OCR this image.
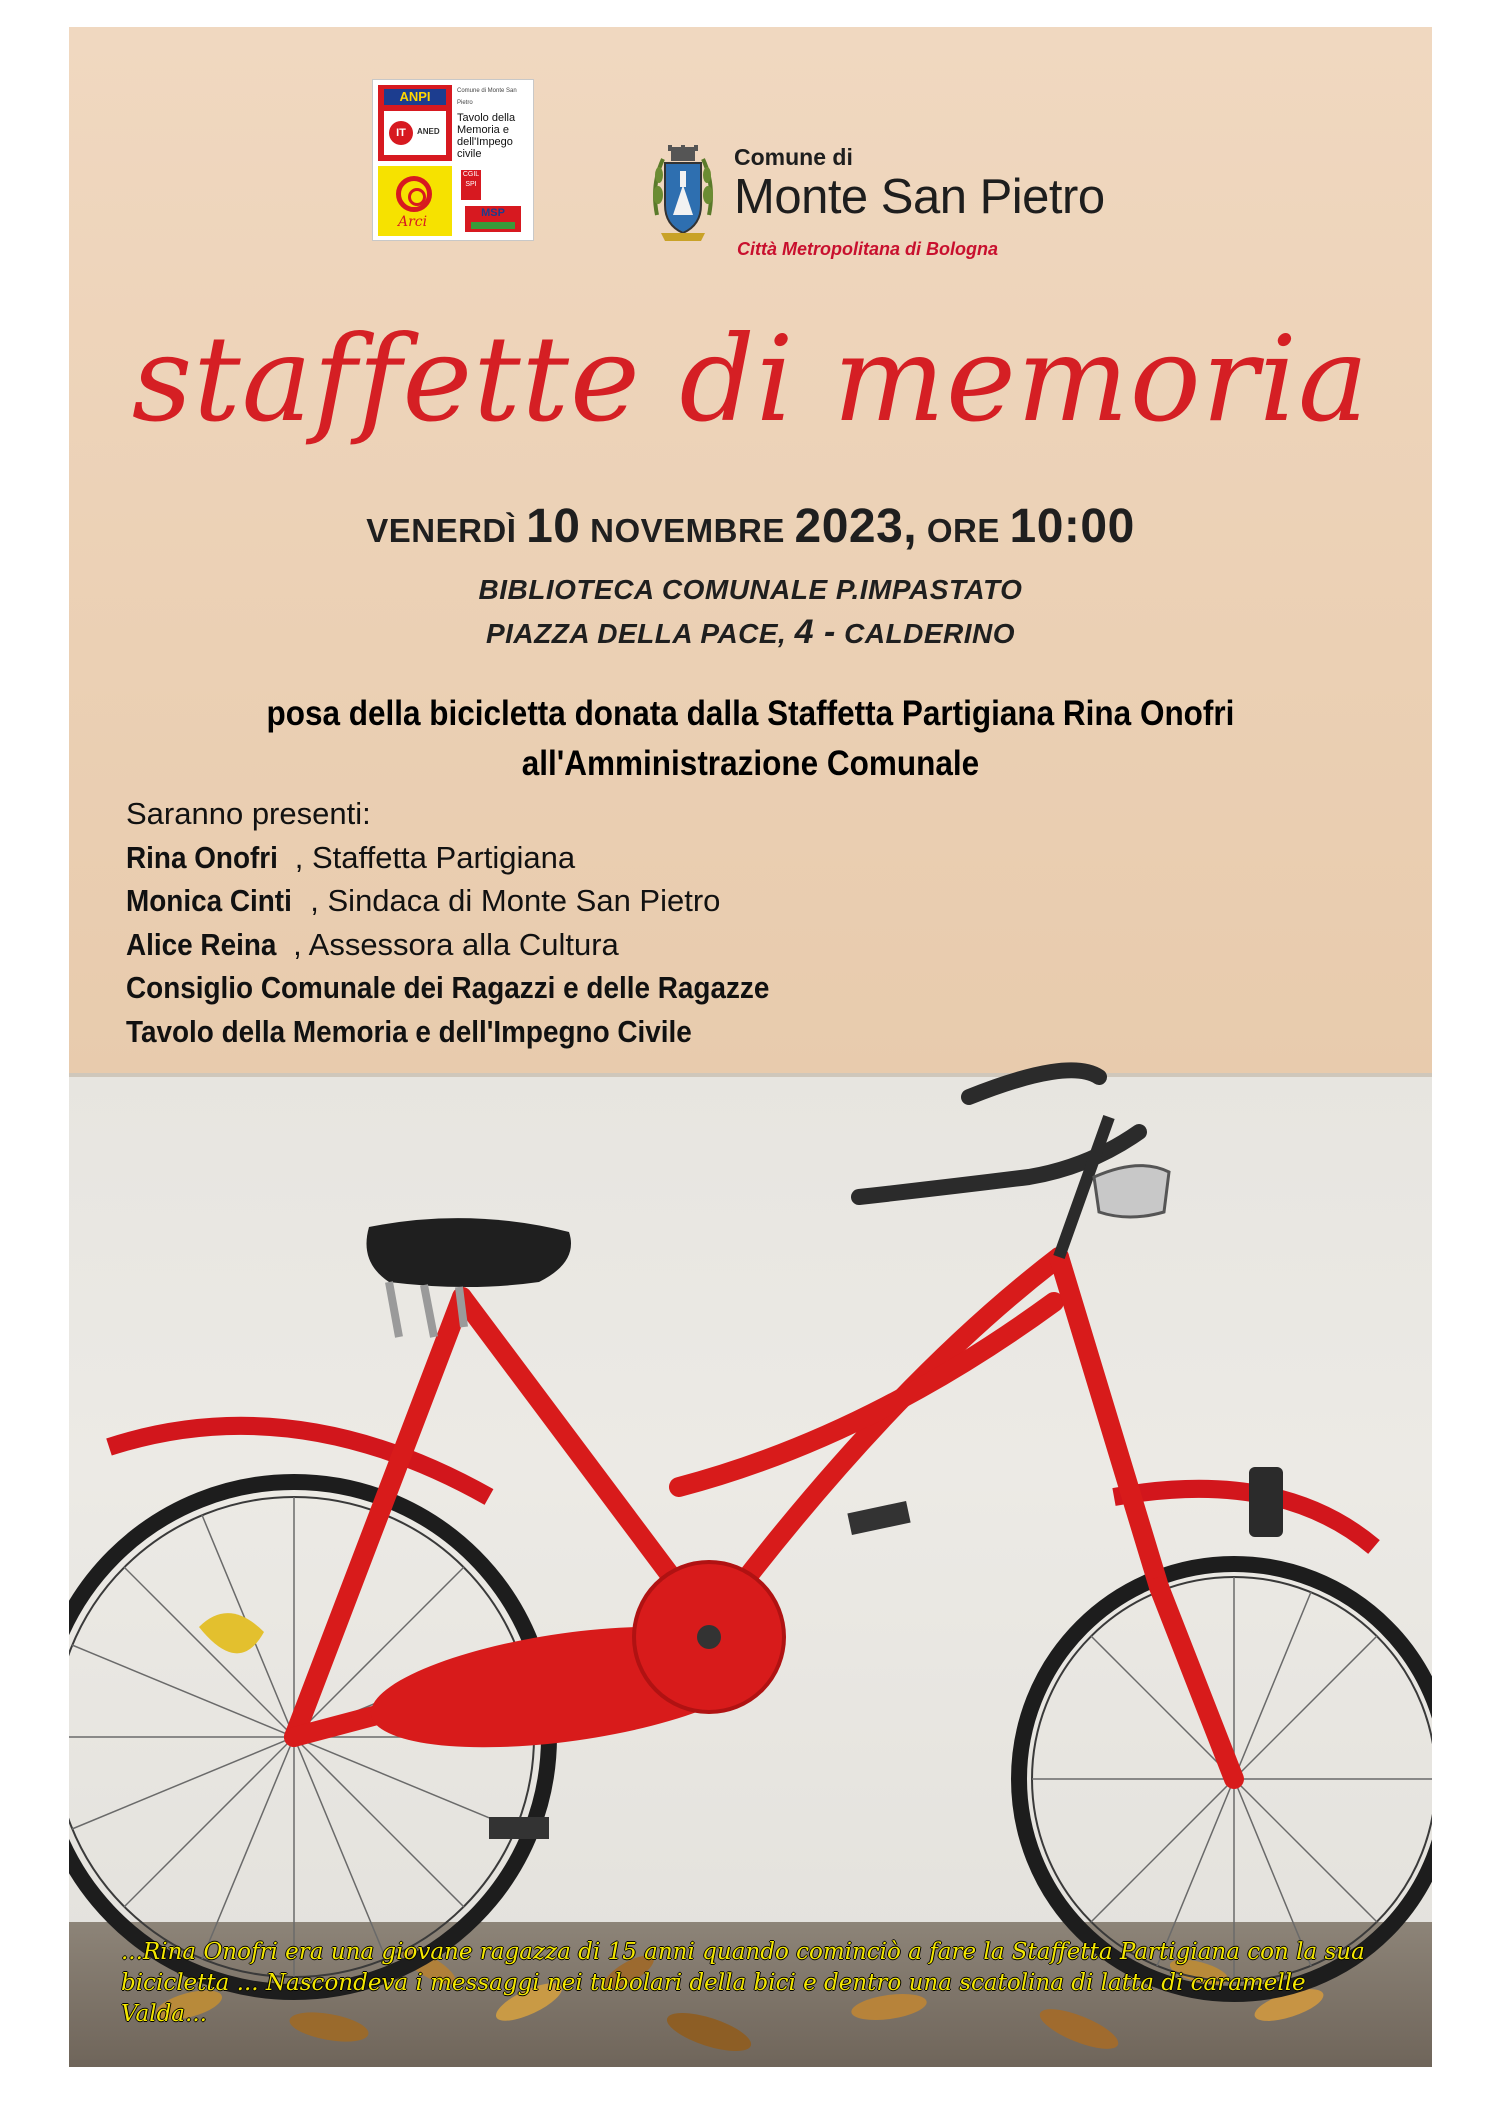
ANPI
IT	ANED
Comune di Monte San Pietro
Tavolo della Memoria e dell'Impego civile
Arci
CGIL
SPI
MSP
Comune di
Monte San Pietro
Città Metropolitana di Bologna
staffette di memoria
VENERDÌ 10 NOVEMBRE 2023, ORE 10:00
BIBLIOTECA COMUNALE P.IMPASTATO
PIAZZA DELLA PACE, 4 - CALDERINO
posa della bicicletta donata dalla Staffetta Partigiana Rina Onofri
all'Amministrazione Comunale
Saranno presenti:
Rina Onofri , Staffetta Partigiana
Monica Cinti , Sindaca di Monte San Pietro
Alice Reina , Assessora alla Cultura
Consiglio Comunale dei Ragazzi e delle Ragazze
Tavolo della Memoria e dell'Impegno Civile
...Rina Onofri era una giovane ragazza di 15 anni quando cominciò a fare la Staffetta Partigiana con la sua bicicletta ... Nascondeva i messaggi nei tubolari della bici e dentro una scatolina di latta di caramelle Valda...
